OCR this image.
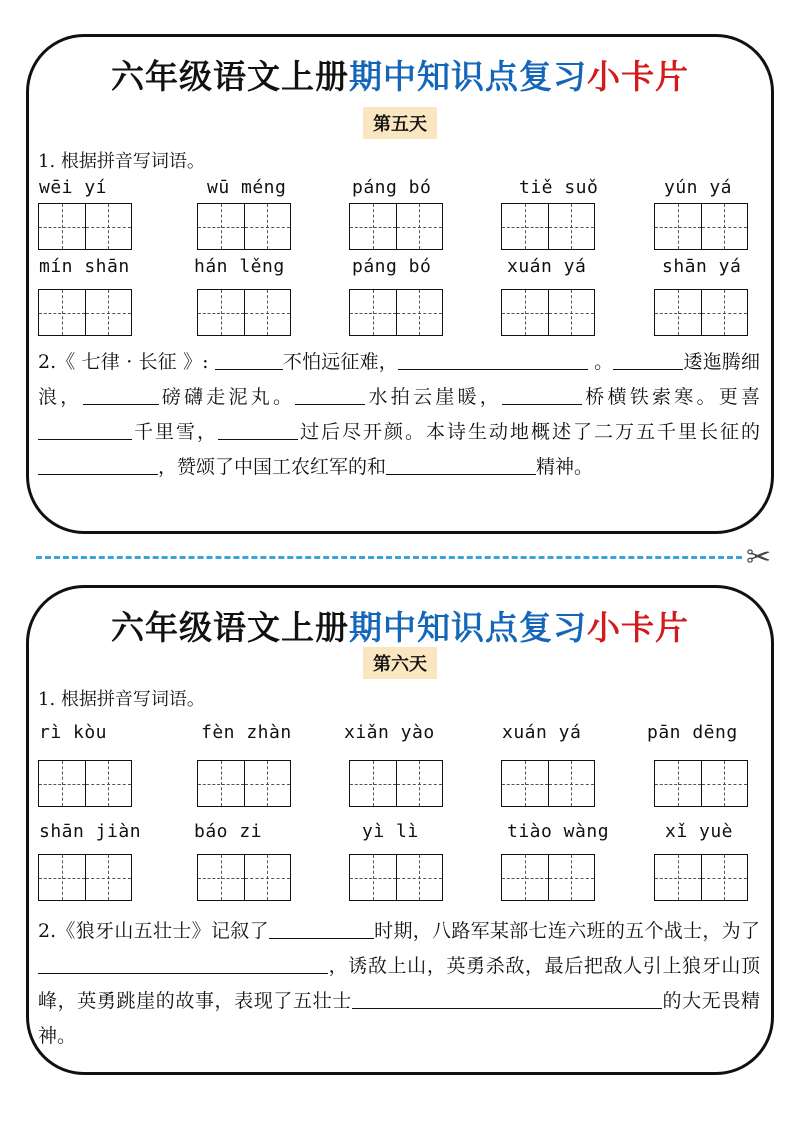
六年级语文上册期中知识点复习小卡片
第五天
1. 根据拼音写词语。
wēi yí	wū méng	páng bó	tiě suǒ	yún yá
mín shān	hán lěng	páng bó	xuán yá	shān yá
2.《 七律 · 长征 》:	不怕远征难，	。	逶迤腾细浪，	磅礴走泥丸。	水拍云崖暖，	桥横铁索寒。更喜千里雪，	过后尽开颜。本诗生动地概述了二万五千里长征的，赞颂了中国工农红军的和	精神。
✂
六年级语文上册期中知识点复习小卡片
第六天
1. 根据拼音写词语。
rì kòu	fèn zhàn	xiǎn yào	xuán yá	pān dēng
shān jiàn	báo zi	yì lì	tiào wàng	xǐ yuè
2.《狼牙山五壮士》记叙了	时期，八路军某部七连六班的五个战士，为了，诱敌上山，英勇杀敌，最后把敌人引上狼牙山顶峰，英勇跳崖的故事，表现了五壮士	的大无畏精神。
